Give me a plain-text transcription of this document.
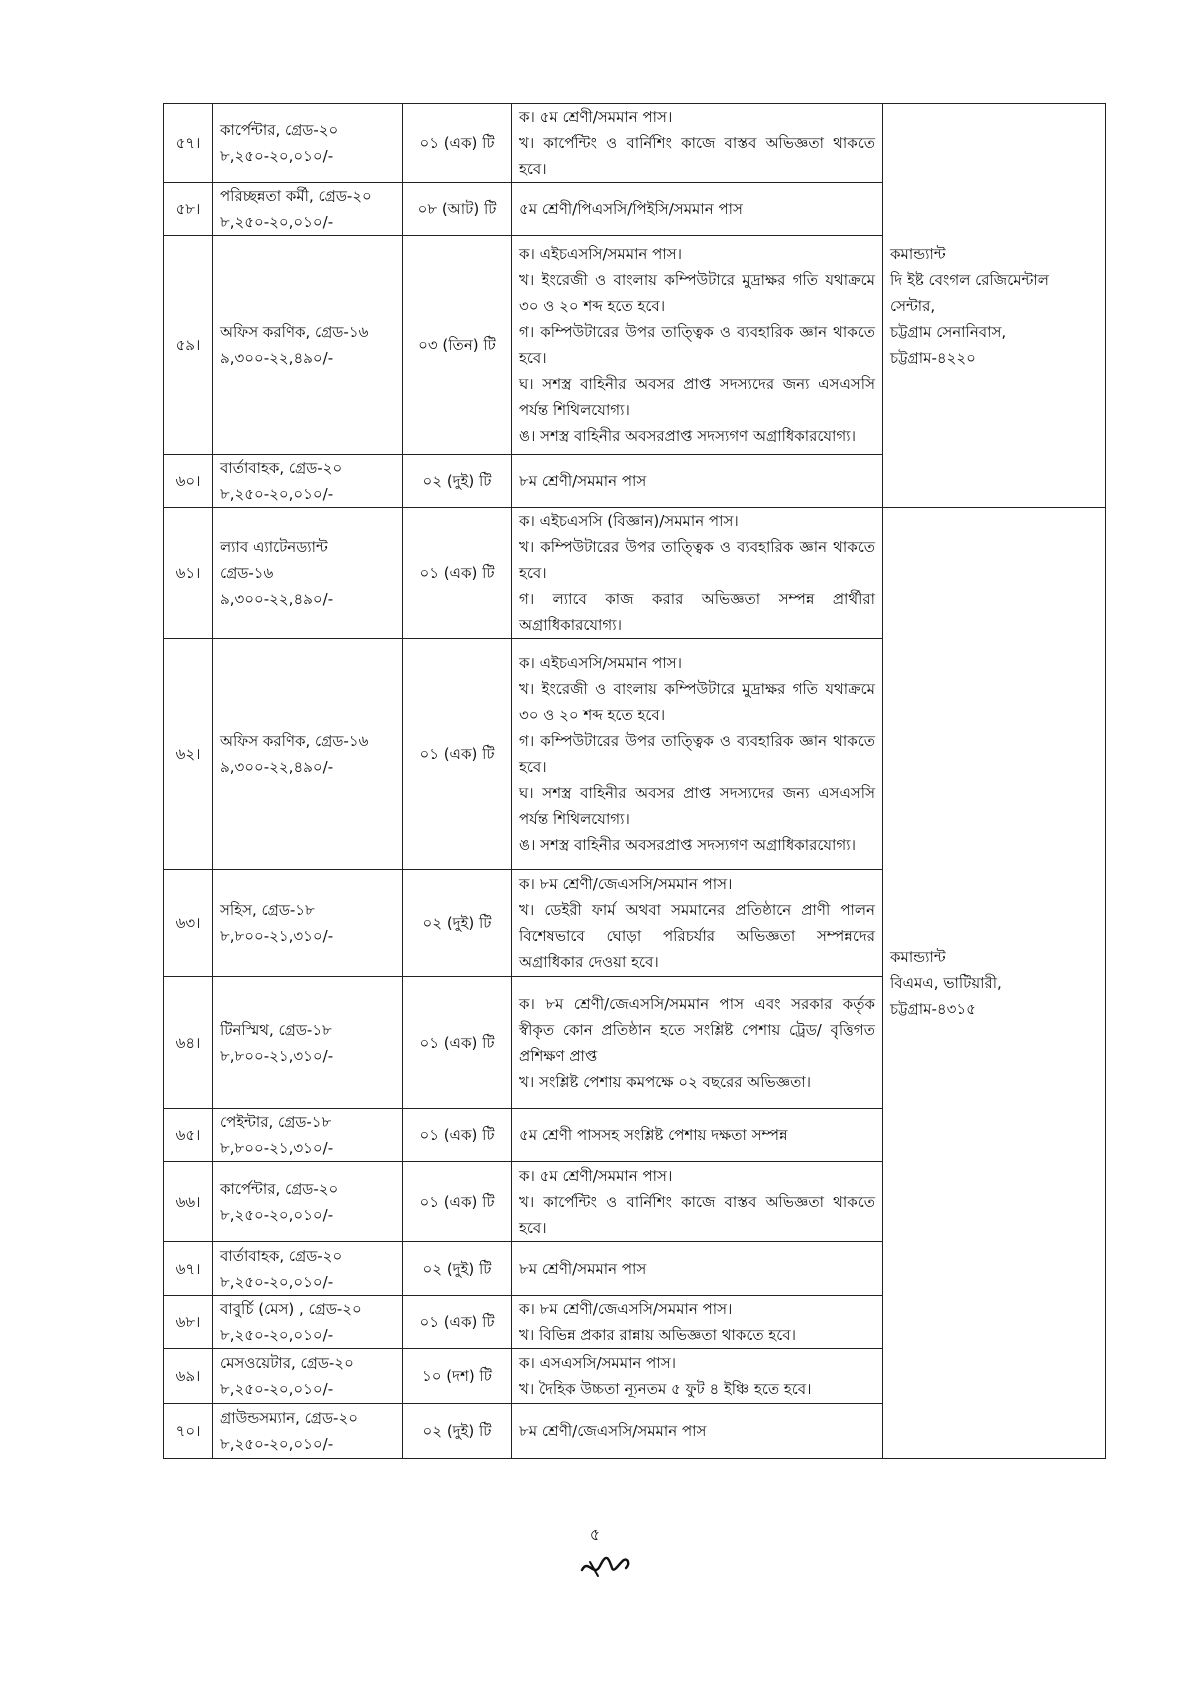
৫৭।	কার্পেন্টার, গ্রেড-২০
৮,২৫০-২০,০১০/-	০১ (এক) টি	ক। ৫ম শ্রেণী/সমমান পাস।
খ। কার্পেন্টিং ও বার্নিশিং কাজে বাস্তব অভিজ্ঞতা থাকতে হবে।	কমান্ড্যান্ট
দি ইষ্ট বেংগল রেজিমেন্টাল
সেন্টার,
চট্টগ্রাম সেনানিবাস,
চট্টগ্রাম-৪২২০

৫৮।	পরিচ্ছন্নতা কর্মী, গ্রেড-২০
৮,২৫০-২০,০১০/-	০৮ (আট) টি	৫ম শ্রেণী/পিএসসি/পিইসি/সমমান পাস	

৫৯।	অফিস করণিক, গ্রেড-১৬
৯,৩০০-২২,৪৯০/-	০৩ (তিন) টি	ক। এইচএসসি/সমমান পাস।
খ। ইংরেজী ও বাংলায় কম্পিউটারে মুদ্রাক্ষর গতি যথাক্রমে ৩০ ও ২০ শব্দ হতে হবে।
গ। কম্পিউটারের উপর তাত্ত্বিক ও ব্যবহারিক জ্ঞান থাকতে হবে।
ঘ। সশস্ত্র বাহিনীর অবসর প্রাপ্ত সদস্যদের জন্য এসএসসি পর্যন্ত শিথিলযোগ্য।
ঙ। সশস্ত্র বাহিনীর অবসরপ্রাপ্ত সদস্যগণ অগ্রাধিকারযোগ্য।	

৬০।	বার্তাবাহক, গ্রেড-২০
৮,২৫০-২০,০১০/-	০২ (দুই) টি	৮ম শ্রেণী/সমমান পাস	

৬১।	ল্যাব এ্যাটেনড্যান্ট
গ্রেড-১৬
৯,৩০০-২২,৪৯০/-	০১ (এক) টি	ক। এইচএসসি (বিজ্ঞান)/সমমান পাস।
খ। কম্পিউটারের উপর তাত্ত্বিক ও ব্যবহারিক জ্ঞান থাকতে হবে।
গ। ল্যাবে কাজ করার অভিজ্ঞতা সম্পন্ন প্রার্থীরা অগ্রাধিকারযোগ্য।	কমান্ড্যান্ট
বিএমএ, ভাটিয়ারী,
চট্টগ্রাম-৪৩১৫

৬২।	অফিস করণিক, গ্রেড-১৬
৯,৩০০-২২,৪৯০/-	০১ (এক) টি	ক। এইচএসসি/সমমান পাস।
খ। ইংরেজী ও বাংলায় কম্পিউটারে মুদ্রাক্ষর গতি যথাক্রমে ৩০ ও ২০ শব্দ হতে হবে।
গ। কম্পিউটারের উপর তাত্ত্বিক ও ব্যবহারিক জ্ঞান থাকতে হবে।
ঘ। সশস্ত্র বাহিনীর অবসর প্রাপ্ত সদস্যদের জন্য এসএসসি পর্যন্ত শিথিলযোগ্য।
ঙ। সশস্ত্র বাহিনীর অবসরপ্রাপ্ত সদস্যগণ অগ্রাধিকারযোগ্য।	

৬৩।	সহিস, গ্রেড-১৮
৮,৮০০-২১,৩১০/-	০২ (দুই) টি	ক। ৮ম শ্রেণী/জেএসসি/সমমান পাস।
খ। ডেইরী ফার্ম অথবা সমমানের প্রতিষ্ঠানে প্রাণী পালন বিশেষভাবে ঘোড়া পরিচর্যার অভিজ্ঞতা সম্পন্নদের অগ্রাধিকার দেওয়া হবে।	

৬৪।	টিনস্মিথ, গ্রেড-১৮
৮,৮০০-২১,৩১০/-	০১ (এক) টি	ক। ৮ম শ্রেণী/জেএসসি/সমমান পাস এবং সরকার কর্তৃক স্বীকৃত কোন প্রতিষ্ঠান হতে সংশ্লিষ্ট পেশায় ট্রেড/ বৃত্তিগত প্রশিক্ষণ প্রাপ্ত
খ। সংশ্লিষ্ট পেশায় কমপক্ষে ০২ বছরের অভিজ্ঞতা।	

৬৫।	পেইন্টার, গ্রেড-১৮
৮,৮০০-২১,৩১০/-	০১ (এক) টি	৫ম শ্রেণী পাসসহ সংশ্লিষ্ট পেশায় দক্ষতা সম্পন্ন	

৬৬।	কার্পেন্টার, গ্রেড-২০
৮,২৫০-২০,০১০/-	০১ (এক) টি	ক। ৫ম শ্রেণী/সমমান পাস।
খ। কার্পেন্টিং ও বার্নিশিং কাজে বাস্তব অভিজ্ঞতা থাকতে হবে।	

৬৭।	বার্তাবাহক, গ্রেড-২০
৮,২৫০-২০,০১০/-	০২ (দুই) টি	৮ম শ্রেণী/সমমান পাস	

৬৮।	বাবুর্চি (মেস) , গ্রেড-২০
৮,২৫০-২০,০১০/-	০১ (এক) টি	ক। ৮ম শ্রেণী/জেএসসি/সমমান পাস।
খ। বিভিন্ন প্রকার রান্নায় অভিজ্ঞতা থাকতে হবে।	

৬৯।	মেসওয়েটার, গ্রেড-২০
৮,২৫০-২০,০১০/-	১০ (দশ) টি	ক। এসএসসি/সমমান পাস।
খ। দৈহিক উচ্চতা ন্যূনতম ৫ ফুট ৪ ইঞ্চি হতে হবে।	

৭০।	গ্রাউন্ডসম্যান, গ্রেড-২০
৮,২৫০-২০,০১০/-	০২ (দুই) টি	৮ম শ্রেণী/জেএসসি/সমমান পাস	
৫
